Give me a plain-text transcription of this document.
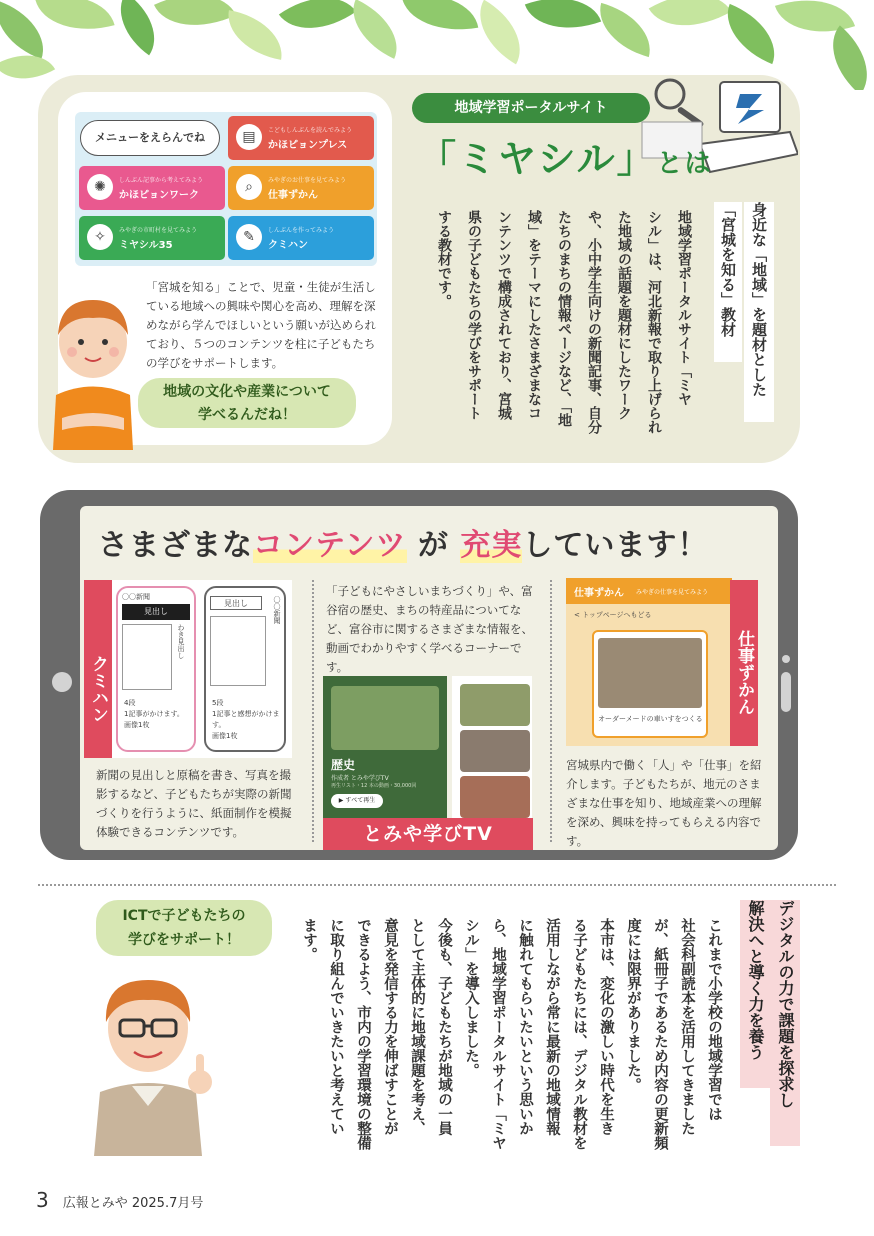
メニューをえらんでね	▤	こどもしんぶんを読んでみよう
かほピョンプレス
✺	しんぶん記事から考えてみよう
かほピョンワーク
⌕	みやぎのお仕事を見てみよう
仕事ずかん
✧	みやぎの市町村を見てみよう
ミヤシル35
✎	しんぶんを作ってみよう
クミハン
「宮城を知る」ことで、児童・生徒が生活している地域への興味や関心を高め、理解を深めながら学んでほしいという願いが込められており、５つのコンテンツを柱に子どもたちの学びをサポートします。
地域の文化や産業について
学べるんだね！
地域学習ポータルサイト
「ミヤシル」とは
身近な「地域」を題材とした
「宮城を知る」教材
地域学習ポータルサイト「ミヤ
シル」は、河北新報で取り上げられ
た地域の話題を題材にしたワーク
や、小中学生向けの新聞記事、自分
たちのまちの情報ページなど、「地
域」をテーマにしたさまざまなコ
ンテンツで構成されており、宮城
県の子どもたちの学びをサポート
する教材です。
さまざまなコンテンツ が 充実しています！
クミハン
〇〇新聞
見出し
わき見出し
4段
1記事がかけます。
画像1枚
見出し	〇〇新聞
5段
1記事と感想がかけます。
画像1枚
新聞の見出しと原稿を書き、写真を撮影するなど、子どもたちが実際の新聞づくりを行うように、紙面制作を模擬体験できるコンテンツです。
「子どもにやさしいまちづくり」や、富谷宿の歴史、まちの特産品についてなど、富谷市に関するさまざまな情報を、動画でわかりやすく学べるコーナーです。
歴史
作成者 とみや学びTV
再生リスト・12 本の動画・30,000回
▶ すべて再生
とみや学びTV
仕事ずかん みやぎの仕事を見てみよう
< トップページへもどる
オーダーメードの車いすをつくる
仕事ずかん
宮城県内で働く「人」や「仕事」を紹介します。子どもたちが、地元のさまざまな仕事を知り、地域産業への理解を深め、興味を持ってもらえる内容です。
ICTで子どもたちの
学びをサポート！	デジタルの力で課題を探求し
解決へと導く力を養う
これまで小学校の地域学習では
社会科副読本を活用してきました
が、紙冊子であるため内容の更新頻
度には限界がありました。
本市は、変化の激しい時代を生き
る子どもたちには、デジタル教材を
活用しながら常に最新の地域情報
に触れてもらいたいという思いか
ら、地域学習ポータルサイト「ミヤ
シル」を導入しました。
今後も、子どもたちが地域の一員
として主体的に地域課題を考え、
意見を発信する力を伸ばすことが
できるよう、市内の学習環境の整備
に取り組んでいきたいと考えてい
ます。
3 広報とみや 2025.7月号
